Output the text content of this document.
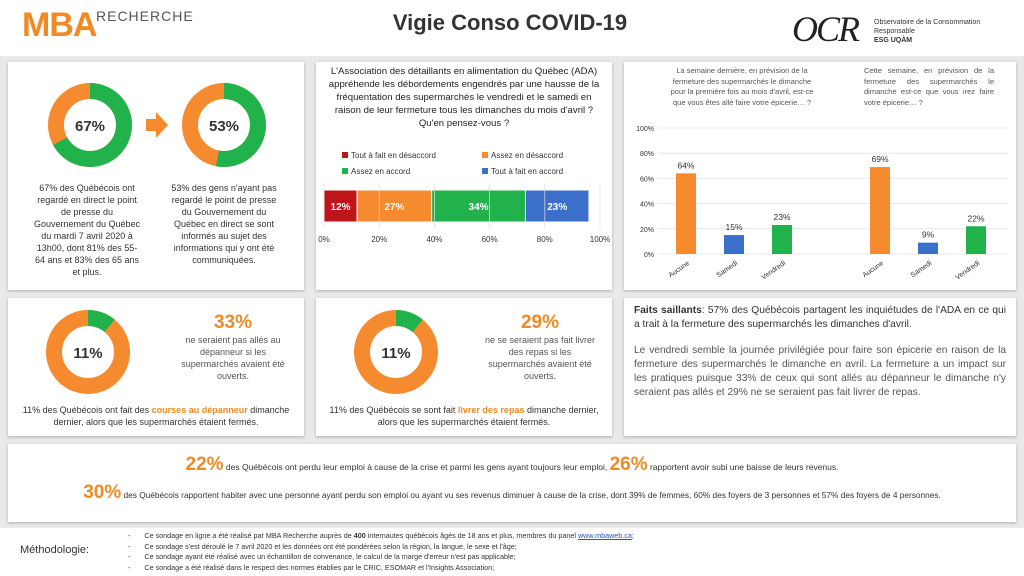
MBA RECHERCHE	Vigie Conso COVID-19	OCR Observatoire de la Consommation Responsable
ESG UQÀM
67%	53%
67% des Québécois ont regardé en direct le point de presse du Gouvernement du Québec du mardi 7 avril 2020 à 13h00, dont 81% des 55-64 ans et 83% des 65 ans et plus.
53% des gens n'ayant pas regardé le point de presse du Gouvernement du Québec en direct se sont informés au sujet des informations qui y ont été communiquées.
L'Association des détaillants en alimentation du Québec (ADA) appréhende les débordements engendrés par une hausse de la fréquentation des supermarchés le vendredi et le samedi en raison de leur fermeture tous les dimanches du mois d'avril ? Qu'en pensez-vous ?
Tout à fait en désaccord	Assez en désaccord
Assez en accord	Tout à fait en accord
12%	27%	34%	23%
0%	20%	40%	60%	80%	100%
La semaine dernière, en prévision de la fermeture des supermarchés le dimanche pour la première fois au mois d'avril, est-ce que vous êtes allé faire votre épicerie… ?
Cette semaine, en prévision de la fermeture des supermarchés le dimanche est-ce que vous irez faire votre épicerie… ?
0%
20%
40%
60%
80%
100%
64%
Aucune
15%
Samedi
23%
Vendredi
69%
Aucune
9%
Samedi
22%
Vendredi
11%
33%
ne seraient pas allés au dépanneur si les supermarchés avaient été ouverts.
11% des Québécois ont fait des courses au dépanneur dimanche dernier, alors que les supermarchés étaient fermés.
11%
29%
ne se seraient pas fait livrer des repas si les supermarchés avaient été ouverts.
11% des Québécois se sont fait livrer des repas dimanche dernier, alors que les supermarchés étaient fermés.
Faits saillants: 57% des Québécois partagent les inquiétudes de l'ADA en ce qui a trait à la fermeture des supermarchés les dimanches d'avril.
Le vendredi semble la journée privilégiée pour faire son épicerie en raison de la fermeture des supermarchés le dimanche en avril. La fermeture a un impact sur les pratiques puisque 33% de ceux qui sont allés au dépanneur le dimanche n'y seraient pas allés et 29% ne se seraient pas fait livrer de repas.
22% des Québécois ont perdu leur emploi à cause de la crise et parmi les gens ayant toujours leur emploi, 26% rapportent avoir subi une baisse de leurs revenus.
30% des Québécois rapportent habiter avec une personne ayant perdu son emploi ou ayant vu ses revenus diminuer à cause de la crise, dont 39% de femmes, 60% des foyers de 3 personnes et 57% des foyers de 4 personnes.
- Ce sondage en ligne a été réalisé par MBA Recherche auprès de 400 internautes québécois âgés de 18 ans et plus, membres du panel www.mbaweb.ca;
- Ce sondage s'est déroulé le 7 avril 2020 et les données ont été pondérées selon la région, la langue, le sexe et l'âge;
- Ce sondage ayant été réalisé avec un échantillon de convenance, le calcul de la marge d'erreur n'est pas applicable;
- Ce sondage a été réalisé dans le respect des normes établies par le CRIC, ESOMAR et l'Insights Association;
Méthodologie:
